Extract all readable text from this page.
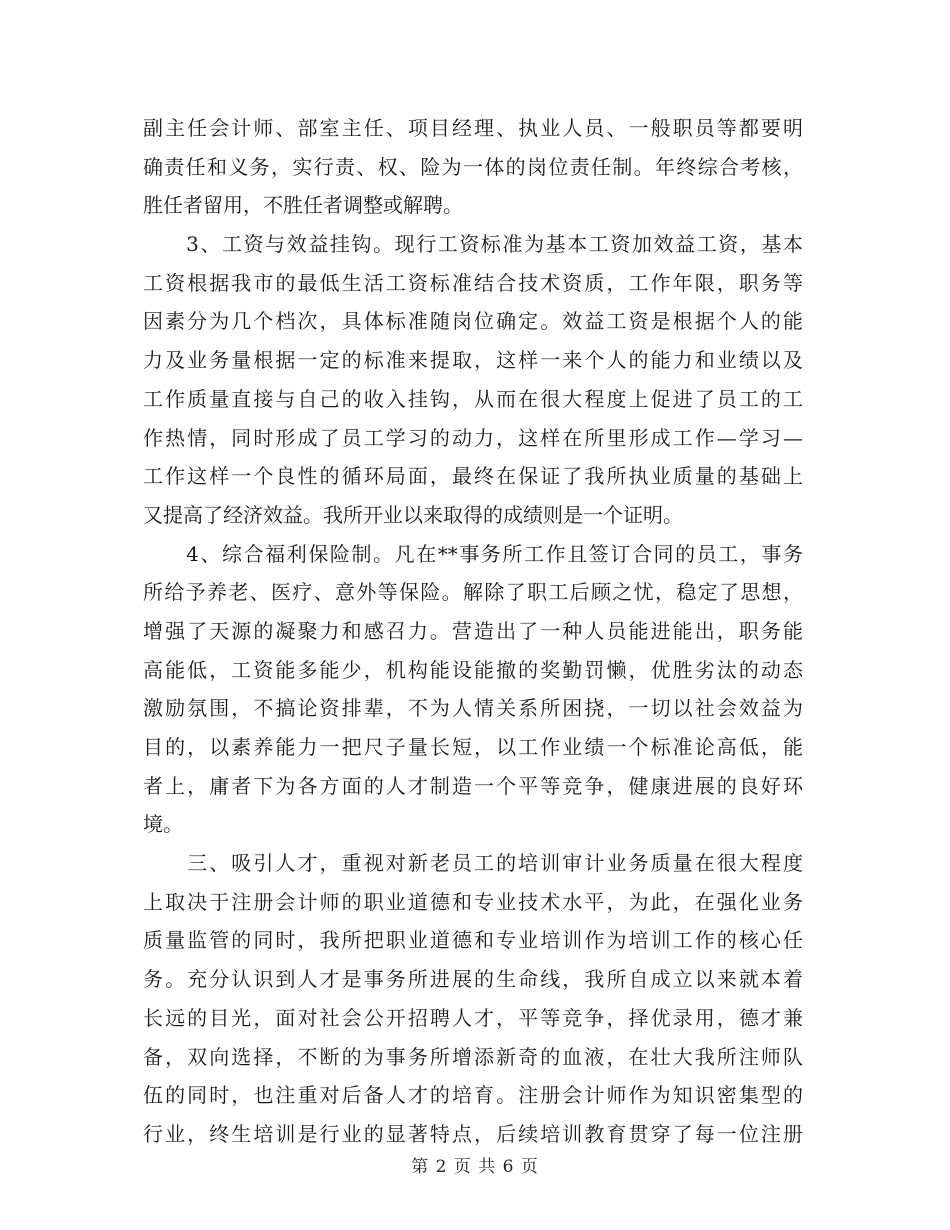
副主任会计师、部室主任、项目经理、执业人员、一般职员等都要明
确责任和义务，实行责、权、险为一体的岗位责任制。年终综合考核，
胜任者留用，不胜任者调整或解聘。
　　3、工资与效益挂钩。现行工资标准为基本工资加效益工资，基本
工资根据我市的最低生活工资标准结合技术资质，工作年限，职务等
因素分为几个档次，具体标准随岗位确定。效益工资是根据个人的能
力及业务量根据一定的标准来提取，这样一来个人的能力和业绩以及
工作质量直接与自己的收入挂钩，从而在很大程度上促进了员工的工
作热情，同时形成了员工学习的动力，这样在所里形成工作—学习—
工作这样一个良性的循环局面，最终在保证了我所执业质量的基础上
又提高了经济效益。我所开业以来取得的成绩则是一个证明。
　　4、综合福利保险制。凡在**事务所工作且签订合同的员工，事务
所给予养老、医疗、意外等保险。解除了职工后顾之忧，稳定了思想，
增强了天源的凝聚力和感召力。营造出了一种人员能进能出，职务能
高能低，工资能多能少，机构能设能撤的奖勤罚懒，优胜劣汰的动态
激励氛围，不搞论资排辈，不为人情关系所困挠，一切以社会效益为
目的，以素养能力一把尺子量长短，以工作业绩一个标准论高低，能
者上，庸者下为各方面的人才制造一个平等竞争，健康进展的良好环
境。
　　三、吸引人才，重视对新老员工的培训审计业务质量在很大程度
上取决于注册会计师的职业道德和专业技术水平，为此，在强化业务
质量监管的同时，我所把职业道德和专业培训作为培训工作的核心任
务。充分认识到人才是事务所进展的生命线，我所自成立以来就本着
长远的目光，面对社会公开招聘人才，平等竞争，择优录用，德才兼
备，双向选择，不断的为事务所增添新奇的血液，在壮大我所注师队
伍的同时，也注重对后备人才的培育。注册会计师作为知识密集型的
行业，终生培训是行业的显著特点，后续培训教育贯穿了每一位注册
第 2 页 共 6 页
